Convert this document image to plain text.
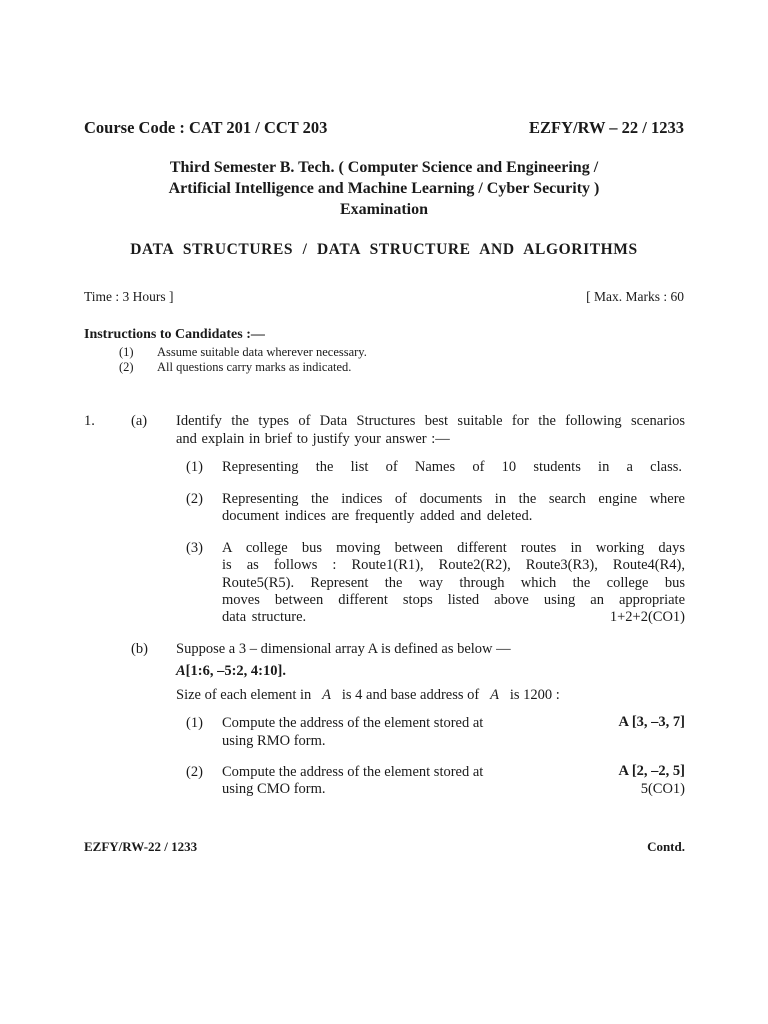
Course Code : CAT 201 / CCT 203	EZFY/RW – 22 / 1233
Third Semester B. Tech. ( Computer Science and Engineering /
Artificial Intelligence and Machine Learning / Cyber Security )
Examination
DATA STRUCTURES / DATA STRUCTURE AND ALGORITHMS
Time : 3 Hours ]	[ Max. Marks : 60
Instructions to Candidates :—
(1) Assume suitable data wherever necessary.
(2) All questions carry marks as indicated.
1. (a) Identify the types of Data Structures best suitable for the following scenarios
and explain in brief to justify your answer :—
(1) Representing the list of Names of 10 students in a class.
(2) Representing the indices of documents in the search engine where
document indices are frequently added and deleted.
(3) A college bus moving between different routes in working days
is as follows : Route1(R1), Route2(R2), Route3(R3), Route4(R4),
Route5(R5). Represent the way through which the college bus
moves between different stops listed above using an appropriate
data structure.	1+2+2(CO1)
(b) Suppose a 3 – dimensional array A is defined as below —
A[1:6, –5:2, 4:10].
Size of each element in A is 4 and base address of A is 1200 :
(1) Compute the address of the element stored at	A [3, –3, 7]
using RMO form.
(2) Compute the address of the element stored at	A [2, –2, 5]
using CMO form.	5(CO1)
EZFY/RW-22 / 1233	Contd.
